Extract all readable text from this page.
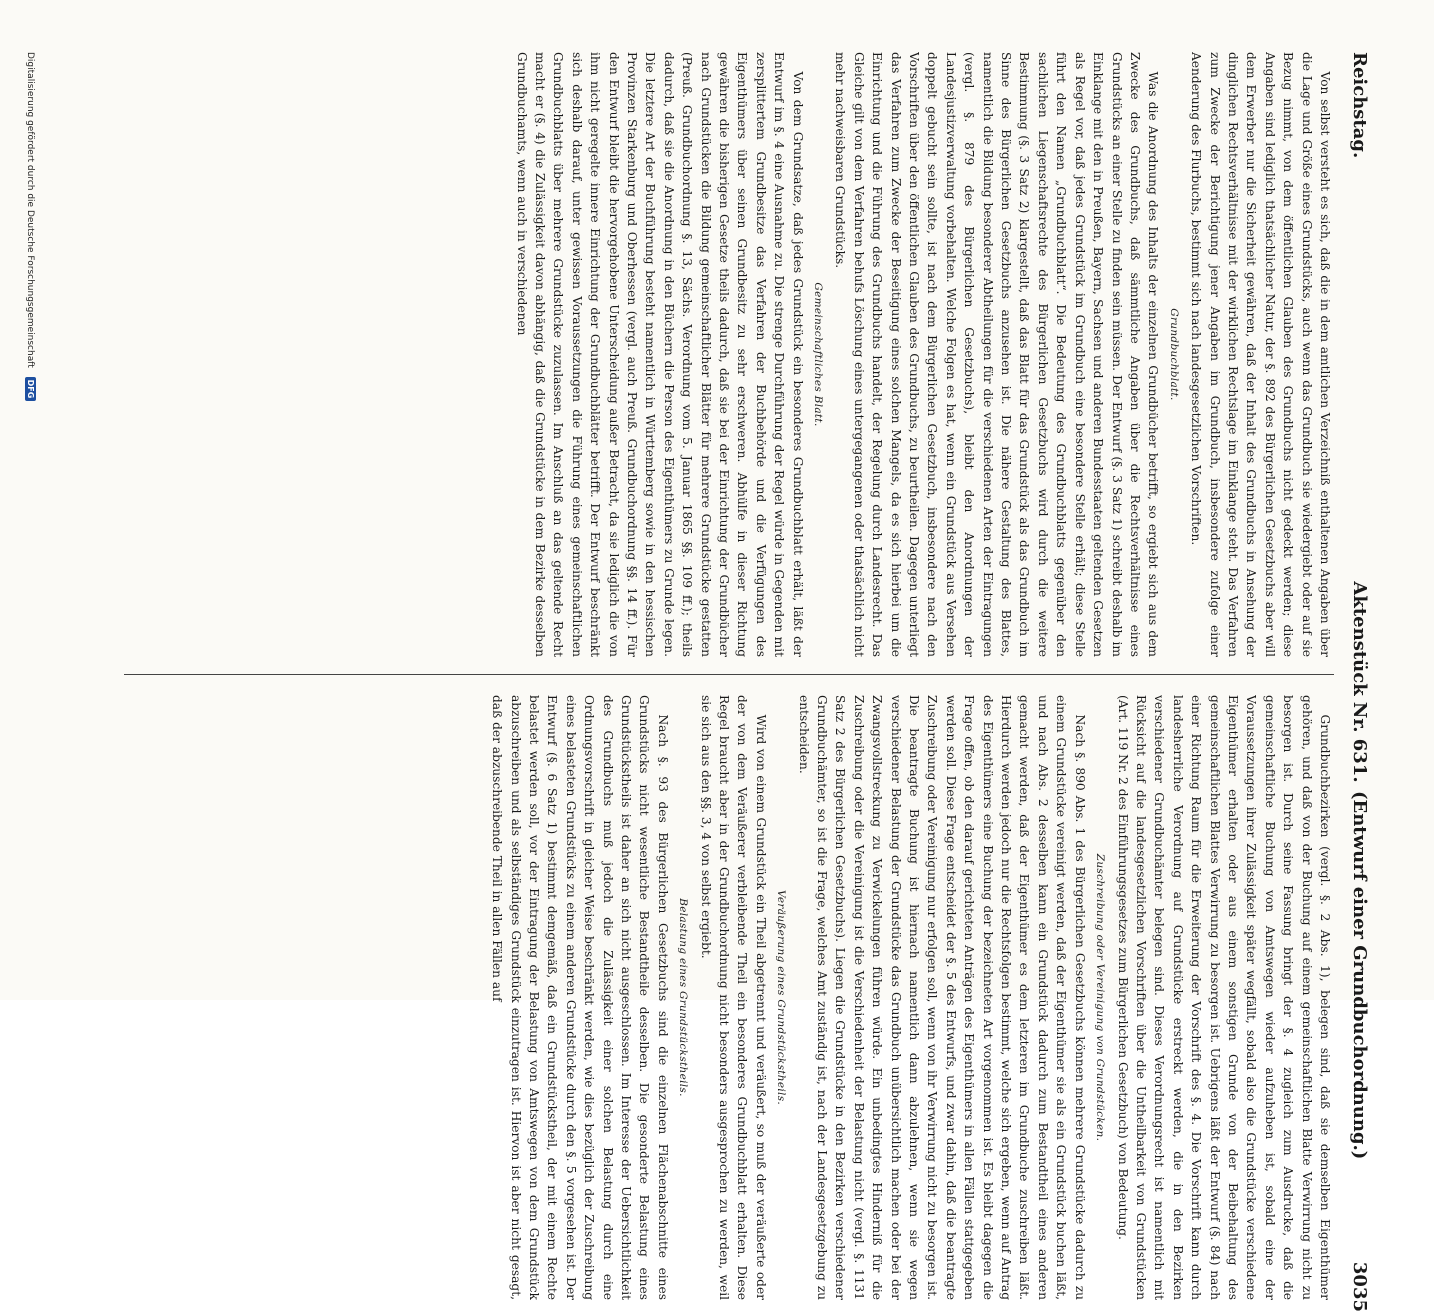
Reichstag.
Aktenstück Nr. 631.
(Entwurf einer Grundbuchordnung.)  3035

Von selbst versteht es sich, daß die in dem amtlichen Verzeichniß enthaltenen Angaben über die Lage und Größe eines Grundstücks, auch wenn das Grundbuch sie wiedergiebt oder auf sie Bezug nimmt, von dem öffentlichen Glauben des Grundbuchs nicht gedeckt werden; diese Angaben sind lediglich thatsächlicher Natur, der §. 892 des Bürgerlichen Gesetzbuchs aber will dem Erwerber nur die Sicherheit gewähren, daß der Inhalt des Grundbuchs in Ansehung der dinglichen Rechtsverhältnisse mit der wirklichen Rechtslage im Einklange steht. Das Verfahren zum Zwecke der Berichtigung jener Angaben im Grundbuch, insbesondere zufolge einer Aenderung des Flurbuchs, bestimmt sich nach landesgesetzlichen Vorschriften.

Grundbuchblatt.

Was die Anordnung des Inhalts der einzelnen Grundbücher betrifft, so ergiebt sich aus dem Zwecke des Grundbuchs, daß sämmtliche Angaben über die Rechtsverhältnisse eines Grundstücks an einer Stelle zu finden sein müssen. Der Entwurf (§. 3 Satz 1) schreibt deshalb im Einklange mit den in Preußen, Bayern, Sachsen und anderen Bundesstaaten geltenden Gesetzen als Regel vor, daß jedes Grundstück im Grundbuch eine besondere Stelle erhält; diese Stelle führt den Namen „Grundbuchblatt“. Die Bedeutung des Grundbuchblatts gegenüber den sachlichen Liegenschaftsrechte des Bürgerlichen Gesetzbuchs wird durch die weitere Bestimmung (§. 3 Satz 2) klargestellt, daß das Blatt für das Grundstück als das Grundbuch im Sinne des Bürgerlichen Gesetzbuchs anzusehen ist. Die nähere Gestaltung des Blattes, namentlich die Bildung besonderer Abtheilungen für die verschiedenen Arten der Eintragungen (vergl. §. 879 des Bürgerlichen Gesetzbuchs), bleibt den Anordnungen der Landesjustizverwaltung vorbehalten. Welche Folgen es hat, wenn ein Grundstück aus Versehen doppelt gebucht sein sollte, ist nach dem Bürgerlichen Gesetzbuch, insbesondere nach den Vorschriften über den öffentlichen Glauben des Grundbuchs, zu beurtheilen. Dagegen unterliegt das Verfahren zum Zwecke der Beseitigung eines solchen Mangels, da es sich hierbei um die Einrichtung und die Führung des Grundbuchs handelt, der Regelung durch Landesrecht. Das Gleiche gilt von dem Verfahren behufs Löschung eines untergegangenen oder thatsächlich nicht mehr nachweisbaren Grundstücks.

Gemeinschaftliches Blatt.

Von dem Grundsatze, daß jedes Grundstück ein besonderes Grundbuchblatt erhält, läßt der Entwurf im §. 4 eine Ausnahme zu. Die strenge Durchführung der Regel würde in Gegenden mit zersplittertem Grundbesitze das Verfahren der Buchbehörde und die Verfügungen des Eigenthümers über seinen Grundbesitz zu sehr erschweren. Abhülfe in dieser Richtung gewähren die bisherigen Gesetze theils dadurch, daß sie bei der Einrichtung der Grundbücher nach Grundstücken die Bildung gemeinschaftlicher Blätter für mehrere Grundstücke gestatten (Preuß. Grundbuchordnung §. 13, Sächs. Verordnung vom 5. Januar 1865 §§. 109 ff.); theils dadurch, daß sie die Anordnung in den Büchern die Person des Eigenthümers zu Grunde legen. Die letztere Art der Buchführung besteht namentlich in Württemberg sowie in den hessischen Provinzen Starkenburg und Oberhessen (vergl. auch Preuß. Grundbuchordnung §§. 14 ff.). Für den Entwurf bleibt die hervorgehobene Unterscheidung außer Betracht, da sie lediglich die von ihm nicht geregelte innere Einrichtung der Grundbuchblätter betrifft. Der Entwurf beschränkt sich deshalb darauf, unter gewissen Voraussetzungen die Führung eines gemeinschaftlichen Grundbuchblatts über mehrere Grundstücke zuzulassen. Im Anschluß an das geltende Recht macht er (§. 4) die Zulässigkeit davon abhängig, daß die Grundstücke in dem Bezirke desselben Grundbuchamts, wenn auch in verschiedenen

Grundbuchbezirken (vergl. §. 2 Abs. 1), belegen sind, daß sie demselben Eigenthümer gehören, und daß von der Buchung auf einem gemeinschaftlichen Blatte Verwirrung nicht zu besorgen ist. Durch seine Fassung bringt der §. 4 zugleich zum Ausdrucke, daß die gemeinschaftliche Buchung von Amtswegen wieder aufzuheben ist, sobald eine der Voraussetzungen ihrer Zulässigkeit später wegfällt, sobald also die Grundstücke verschiedene Eigenthümer erhalten oder aus einem sonstigen Grunde von der Beibehaltung des gemeinschaftlichen Blattes Verwirrung zu besorgen ist. Uebrigens läßt der Entwurf (§. 84) nach einer Richtung Raum für die Erweiterung der Vorschrift des §. 4. Die Vorschrift kann durch landesherrliche Verordnung auf Grundstücke erstreckt werden, die in den Bezirken verschiedener Grundbuchämter belegen sind. Dieses Verordnungsrecht ist namentlich mit Rücksicht auf die landesgesetzlichen Vorschriften über die Untheilbarkeit von Grundstücken (Art. 119 Nr. 2 des Einführungsgesetzes zum Bürgerlichen Gesetzbuch) von Bedeutung.

Zuschreibung oder Vereinigung von Grundstücken.

Nach §. 890 Abs. 1 des Bürgerlichen Gesetzbuchs können mehrere Grundstücke dadurch zu einem Grundstücke vereinigt werden, daß der Eigenthümer sie als ein Grundstück buchen läßt, und nach Abs. 2 desselben kann ein Grundstück dadurch zum Bestandtheil eines anderen gemacht werden, daß der Eigenthümer es dem letzteren im Grundbuche zuschreiben läßt. Hierdurch werden jedoch nur die Rechtsfolgen bestimmt, welche sich ergeben, wenn auf Antrag des Eigenthümers eine Buchung der bezeichneten Art vorgenommen ist. Es bleibt dagegen die Frage offen, ob den darauf gerichteten Anträgen des Eigenthümers in allen Fällen stattgegeben werden soll. Diese Frage entscheidet der §. 5 des Entwurfs, und zwar dahin, daß die beantragte Zuschreibung oder Vereinigung nur erfolgen soll, wenn von ihr Verwirrung nicht zu besorgen ist. Die beantragte Buchung ist hiernach namentlich dann abzulehnen, wenn sie wegen verschiedener Belastung der Grundstücke das Grundbuch unübersichtlich machen oder bei der Zwangsvollstreckung zu Verwickelungen führen würde. Ein unbedingtes Hinderniß für die Zuschreibung oder die Vereinigung ist die Verschiedenheit der Belastung nicht (vergl. §. 1131 Satz 2 des Bürgerlichen Gesetzbuchs). Liegen die Grundstücke in den Bezirken verschiedener Grundbuchämter, so ist die Frage, welches Amt zuständig ist, nach der Landesgesetzgebung zu entscheiden.

Veräußerung eines Grundstückstheils.

Wird von einem Grundstück ein Theil abgetrennt und veräußert, so muß der veräußerte oder der von dem Veräußerer verbleibende Theil ein besonderes Grundbuchblatt erhalten. Diese Regel braucht aber in der Grundbuchordnung nicht besonders ausgesprochen zu werden, weil sie sich aus den §§. 3, 4 von selbst ergiebt.

Belastung eines Grundstückstheils.

Nach §. 93 des Bürgerlichen Gesetzbuchs sind die einzelnen Flächenabschnitte eines Grundstücks nicht wesentliche Bestandtheile desselben. Die gesonderte Belastung eines Grundstückstheils ist daher an sich nicht ausgeschlossen. Im Interesse der Uebersichtlichkeit des Grundbuchs muß jedoch die Zulässigkeit einer solchen Belastung durch eine Ordnungsvorschrift in gleicher Weise beschränkt werden, wie dies bezüglich der Zuschreibung eines belasteten Grundstücks zu einem anderen Grundstücke durch den §. 5 vorgesehen ist. Der Entwurf (§. 6 Satz 1) bestimmt demgemäß, daß ein Grundstückstheil, der mit einem Rechte belastet werden soll, vor der Eintragung der Belastung von Amtswegen von dem Grundstück abzuschreiben und als selbständiges Grundstück einzutragen ist. Hiervon ist aber nicht gesagt, daß der abzuschreibende Theil in allen Fällen auf

Digitalisierung gefördert durch die Deutsche Forschungsgemeinschaft DFG
